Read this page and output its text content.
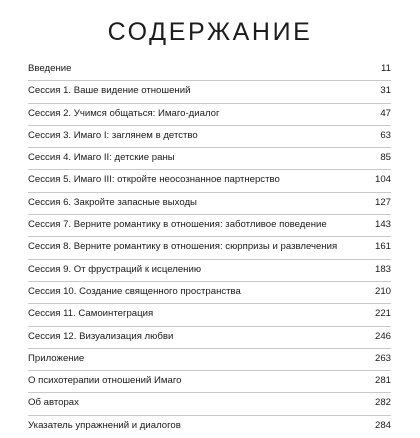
СОДЕРЖАНИЕ
Введение	11
Сессия 1. Ваше видение отношений	31
Сессия 2. Учимся общаться: Имаго-диалог	47
Сессия 3. Имаго I: заглянем в детство	63
Сессия 4. Имаго II: детские раны	85
Сессия 5. Имаго III: откройте неосознанное партнерство	104
Сессия 6. Закройте запасные выходы	127
Сессия 7. Верните романтику в отношения: заботливое поведение	143
Сессия 8. Верните романтику в отношения: сюрпризы и развлечения	161
Сессия 9. От фрустраций к исцелению	183
Сессия 10. Создание священного пространства	210
Сессия 11. Самоинтеграция	221
Сессия 12. Визуализация любви	246
Приложение	263
О психотерапии отношений Имаго	281
Об авторах	282
Указатель упражнений и диалогов	284
